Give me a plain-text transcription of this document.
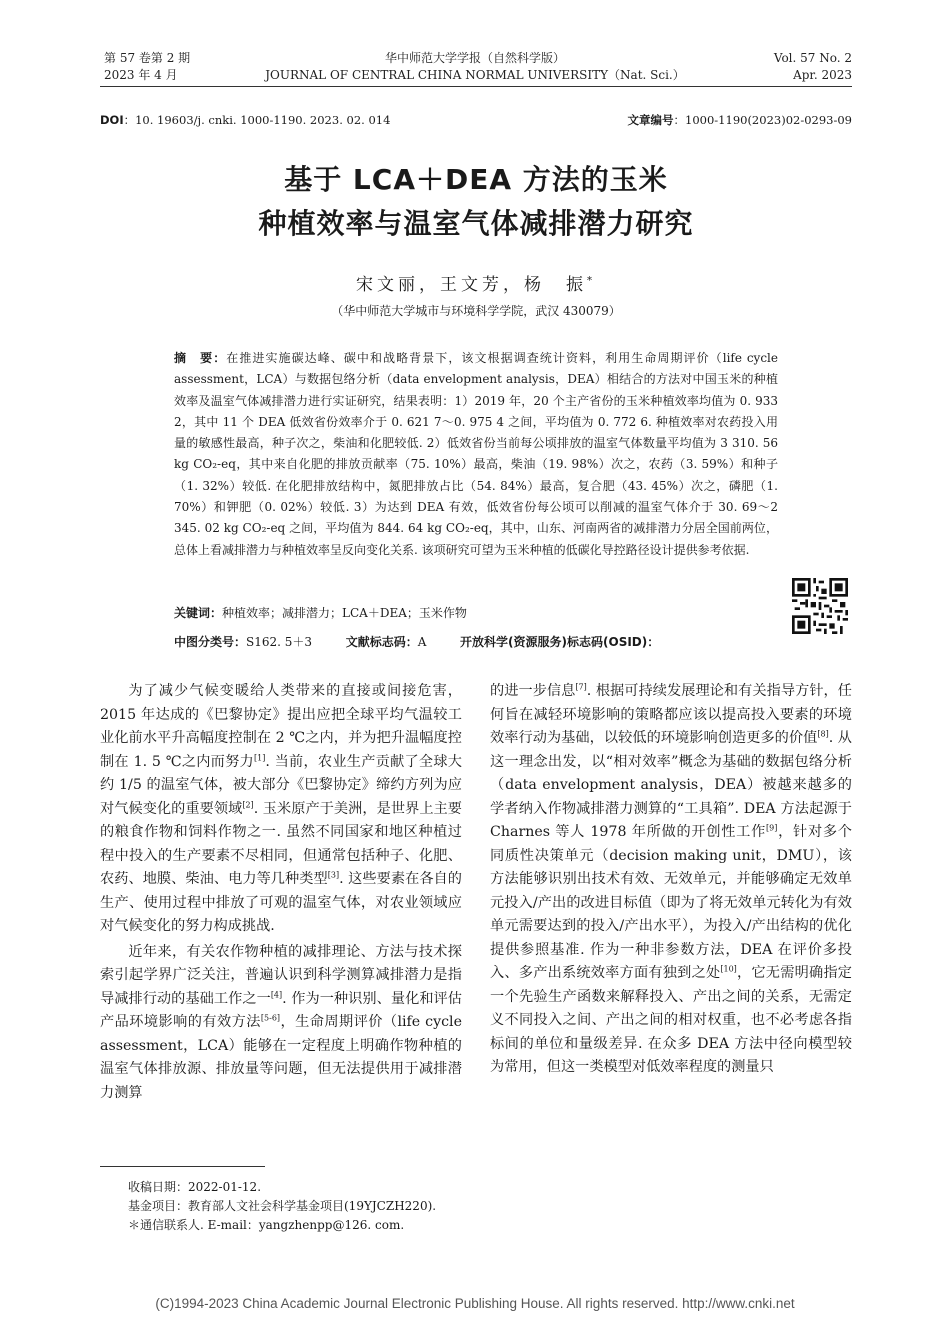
第 57 卷第 2 期
2023 年 4 月
华中师范大学学报（自然科学版）
JOURNAL OF CENTRAL CHINA NORMAL UNIVERSITY（Nat. Sci.）
Vol. 57 No. 2
Apr. 2023
DOI：10. 19603/j. cnki. 1000-1190. 2023. 02. 014	文章编号：1000-1190(2023)02-0293-09
基于 LCA＋DEA 方法的玉米
种植效率与温室气体减排潜力研究
宋文丽，王文芳，杨　振*
（华中师范大学城市与环境科学学院，武汉 430079）
摘　要：在推进实施碳达峰、碳中和战略背景下，该文根据调查统计资料，利用生命周期评价（life cycle assessment，LCA）与数据包络分析（data envelopment analysis，DEA）相结合的方法对中国玉米的种植效率及温室气体减排潜力进行实证研究，结果表明：1）2019 年，20 个主产省份的玉米种植效率均值为 0. 933 2，其中 11 个 DEA 低效省份效率介于 0. 621 7～0. 975 4 之间，平均值为 0. 772 6. 种植效率对农药投入用量的敏感性最高，种子次之，柴油和化肥较低. 2）低效省份当前每公顷排放的温室气体数量平均值为 3 310. 56 kg CO₂-eq，其中来自化肥的排放贡献率（75. 10%）最高，柴油（19. 98%）次之，农药（3. 59%）和种子（1. 32%）较低. 在化肥排放结构中，氮肥排放占比（54. 84%）最高，复合肥（43. 45%）次之，磷肥（1. 70%）和钾肥（0. 02%）较低. 3）为达到 DEA 有效，低效省份每公顷可以削减的温室气体介于 30. 69～2 345. 02 kg CO₂-eq 之间，平均值为 844. 64 kg CO₂-eq，其中，山东、河南两省的减排潜力分居全国前两位，总体上看减排潜力与种植效率呈反向变化关系. 该项研究可望为玉米种植的低碳化导控路径设计提供参考依据.
关键词：种植效率；减排潜力；LCA＋DEA；玉米作物
中图分类号：S162. 5＋3	文献标志码：A	开放科学(资源服务)标志码(OSID)：

为了减少气候变暖给人类带来的直接或间接危害，2015 年达成的《巴黎协定》提出应把全球平均气温较工业化前水平升高幅度控制在 2 ℃之内，并为把升温幅度控制在 1. 5 ℃之内而努力[1]. 当前，农业生产贡献了全球大约 1/5 的温室气体，被大部分《巴黎协定》缔约方列为应对气候变化的重要领域[2]. 玉米原产于美洲，是世界上主要的粮食作物和饲料作物之一. 虽然不同国家和地区种植过程中投入的生产要素不尽相同，但通常包括种子、化肥、农药、地膜、柴油、电力等几种类型[3]. 这些要素在各自的生产、使用过程中排放了可观的温室气体，对农业领域应对气候变化的努力构成挑战.

近年来，有关农作物种植的减排理论、方法与技术探索引起学界广泛关注，普遍认识到科学测算减排潜力是指导减排行动的基础工作之一[4]. 作为一种识别、量化和评估产品环境影响的有效方法[5-6]，生命周期评价（life cycle assessment，LCA）能够在一定程度上明确作物种植的温室气体排放源、排放量等问题，但无法提供用于减排潜力测算

的进一步信息[7]. 根据可持续发展理论和有关指导方针，任何旨在减轻环境影响的策略都应该以提高投入要素的环境效率行动为基础，以较低的环境影响创造更多的价值[8]. 从这一理念出发，以“相对效率”概念为基础的数据包络分析（data envelopment analysis，DEA）被越来越多的学者纳入作物减排潜力测算的“工具箱”. DEA 方法起源于 Charnes 等人 1978 年所做的开创性工作[9]，针对多个同质性决策单元（decision making unit，DMU），该方法能够识别出技术有效、无效单元，并能够确定无效单元投入/产出的改进目标值（即为了将无效单元转化为有效单元需要达到的投入/产出水平），为投入/产出结构的优化提供参照基准. 作为一种非参数方法，DEA 在评价多投入、多产出系统效率方面有独到之处[10]，它无需明确指定一个先验生产函数来解释投入、产出之间的关系，无需定义不同投入之间、产出之间的相对权重，也不必考虑各指标间的单位和量级差异. 在众多 DEA 方法中径向模型较为常用，但这一类模型对低效率程度的测量只

收稿日期：2022-01-12.
基金项目：教育部人文社会科学基金项目(19YJCZH220).
＊通信联系人. E-mail：yangzhenpp@126. com.
(C)1994-2023 China Academic Journal Electronic Publishing House. All rights reserved. http://www.cnki.net
